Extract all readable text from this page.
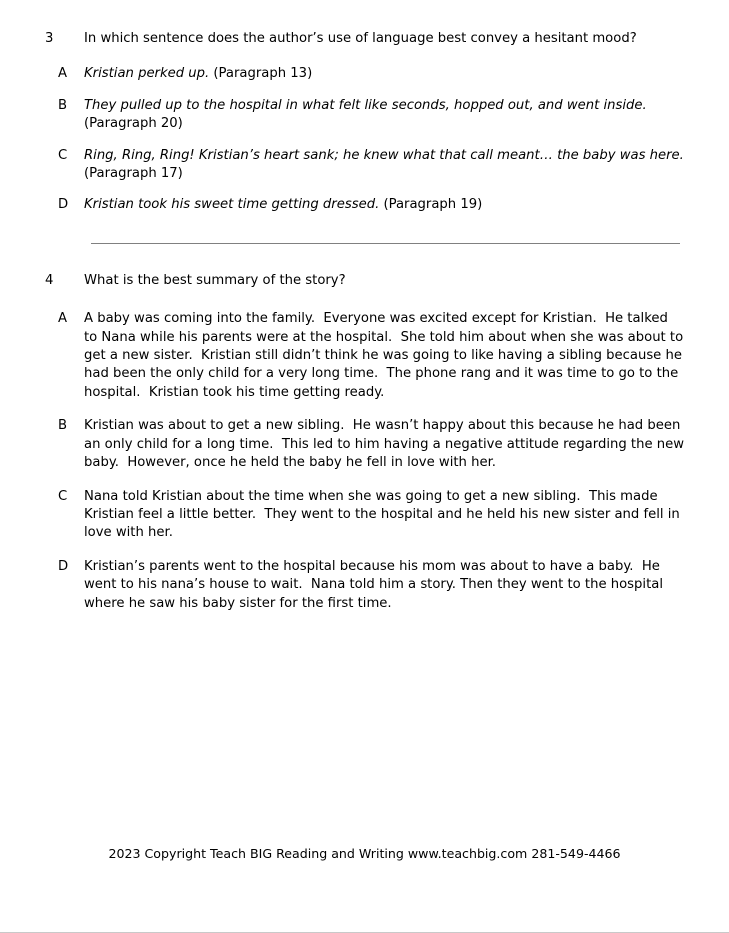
3	In which sentence does the author’s use of language best convey a hesitant mood?
A	Kristian perked up. (Paragraph 13)
B	They pulled up to the hospital in what felt like seconds, hopped out, and went inside. (Paragraph 20)
C	Ring, Ring, Ring! Kristian’s heart sank; he knew what that call meant… the baby was here. (Paragraph 17)
D	Kristian took his sweet time getting dressed. (Paragraph 19)
4	What is the best summary of the story?
A	A baby was coming into the family.  Everyone was excited except for Kristian.  He talked to Nana while his parents were at the hospital.  She told him about when she was about to get a new sister.  Kristian still didn’t think he was going to like having a sibling because he had been the only child for a very long time.  The phone rang and it was time to go to the hospital.  Kristian took his time getting ready.
B	Kristian was about to get a new sibling.  He wasn’t happy about this because he had been an only child for a long time.  This led to him having a negative attitude regarding the new baby.  However, once he held the baby he fell in love with her.
C	Nana told Kristian about the time when she was going to get a new sibling.  This made Kristian feel a little better.  They went to the hospital and he held his new sister and fell in love with her.
D	Kristian’s parents went to the hospital because his mom was about to have a baby.  He went to his nana’s house to wait.  Nana told him a story. Then they went to the hospital where he saw his baby sister for the first time.
2023 Copyright Teach BIG Reading and Writing www.teachbig.com 281-549-4466
